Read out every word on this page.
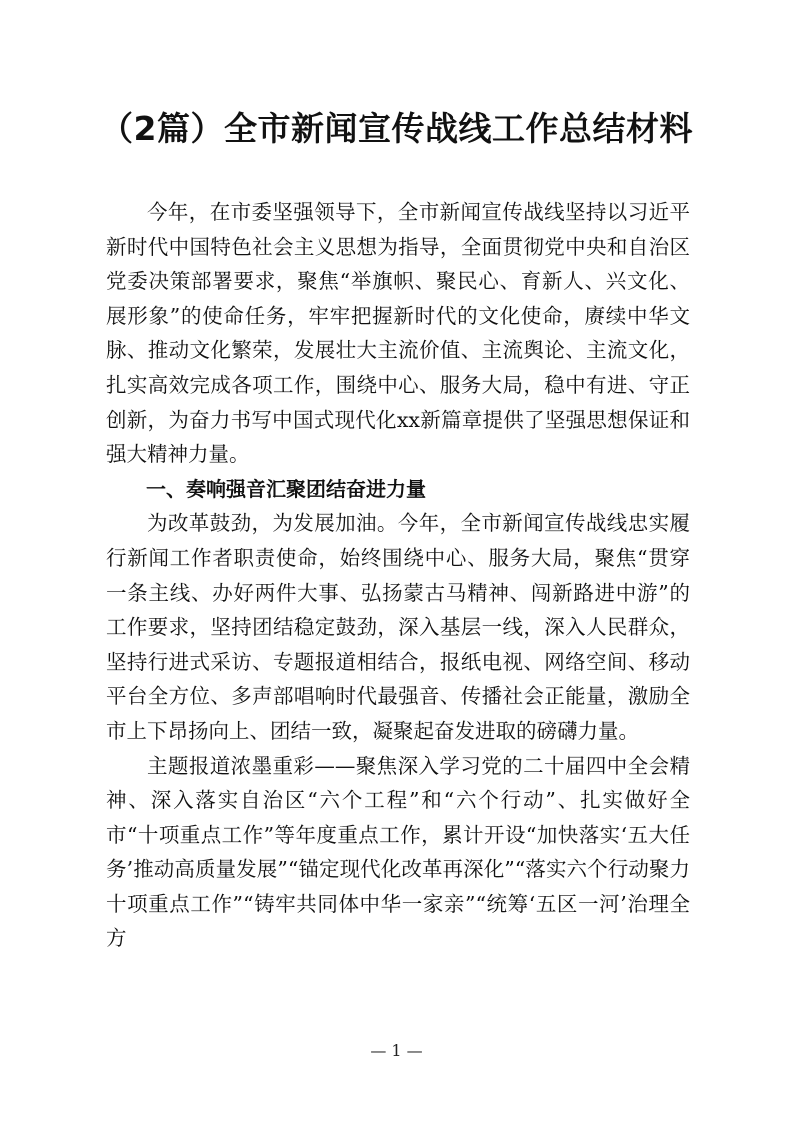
（2篇）全市新闻宣传战线工作总结材料

今年，在市委坚强领导下，全市新闻宣传战线坚持以习近平新时代中国特色社会主义思想为指导，全面贯彻党中央和自治区党委决策部署要求，聚焦“举旗帜、聚民心、育新人、兴文化、展形象”的使命任务，牢牢把握新时代的文化使命，赓续中华文脉、推动文化繁荣，发展壮大主流价值、主流舆论、主流文化，扎实高效完成各项工作，围绕中心、服务大局，稳中有进、守正创新，为奋力书写中国式现代化xx新篇章提供了坚强思想保证和强大精神力量。

一、奏响强音汇聚团结奋进力量

为改革鼓劲，为发展加油。今年，全市新闻宣传战线忠实履行新闻工作者职责使命，始终围绕中心、服务大局，聚焦“贯穿一条主线、办好两件大事、弘扬蒙古马精神、闯新路进中游”的工作要求，坚持团结稳定鼓劲，深入基层一线，深入人民群众，坚持行进式采访、专题报道相结合，报纸电视、网络空间、移动平台全方位、多声部唱响时代最强音、传播社会正能量，激励全市上下昂扬向上、团结一致，凝聚起奋发进取的磅礴力量。

主题报道浓墨重彩——聚焦深入学习党的二十届四中全会精神、深入落实自治区“六个工程”和“六个行动”、扎实做好全市“十项重点工作”等年度重点工作，累计开设“加快落实‘五大任务’推动高质量发展”“锚定现代化改革再深化”“落实六个行动聚力十项重点工作”“铸牢共同体中华一家亲”“统筹‘五区一河’治理全方

— 1 —
